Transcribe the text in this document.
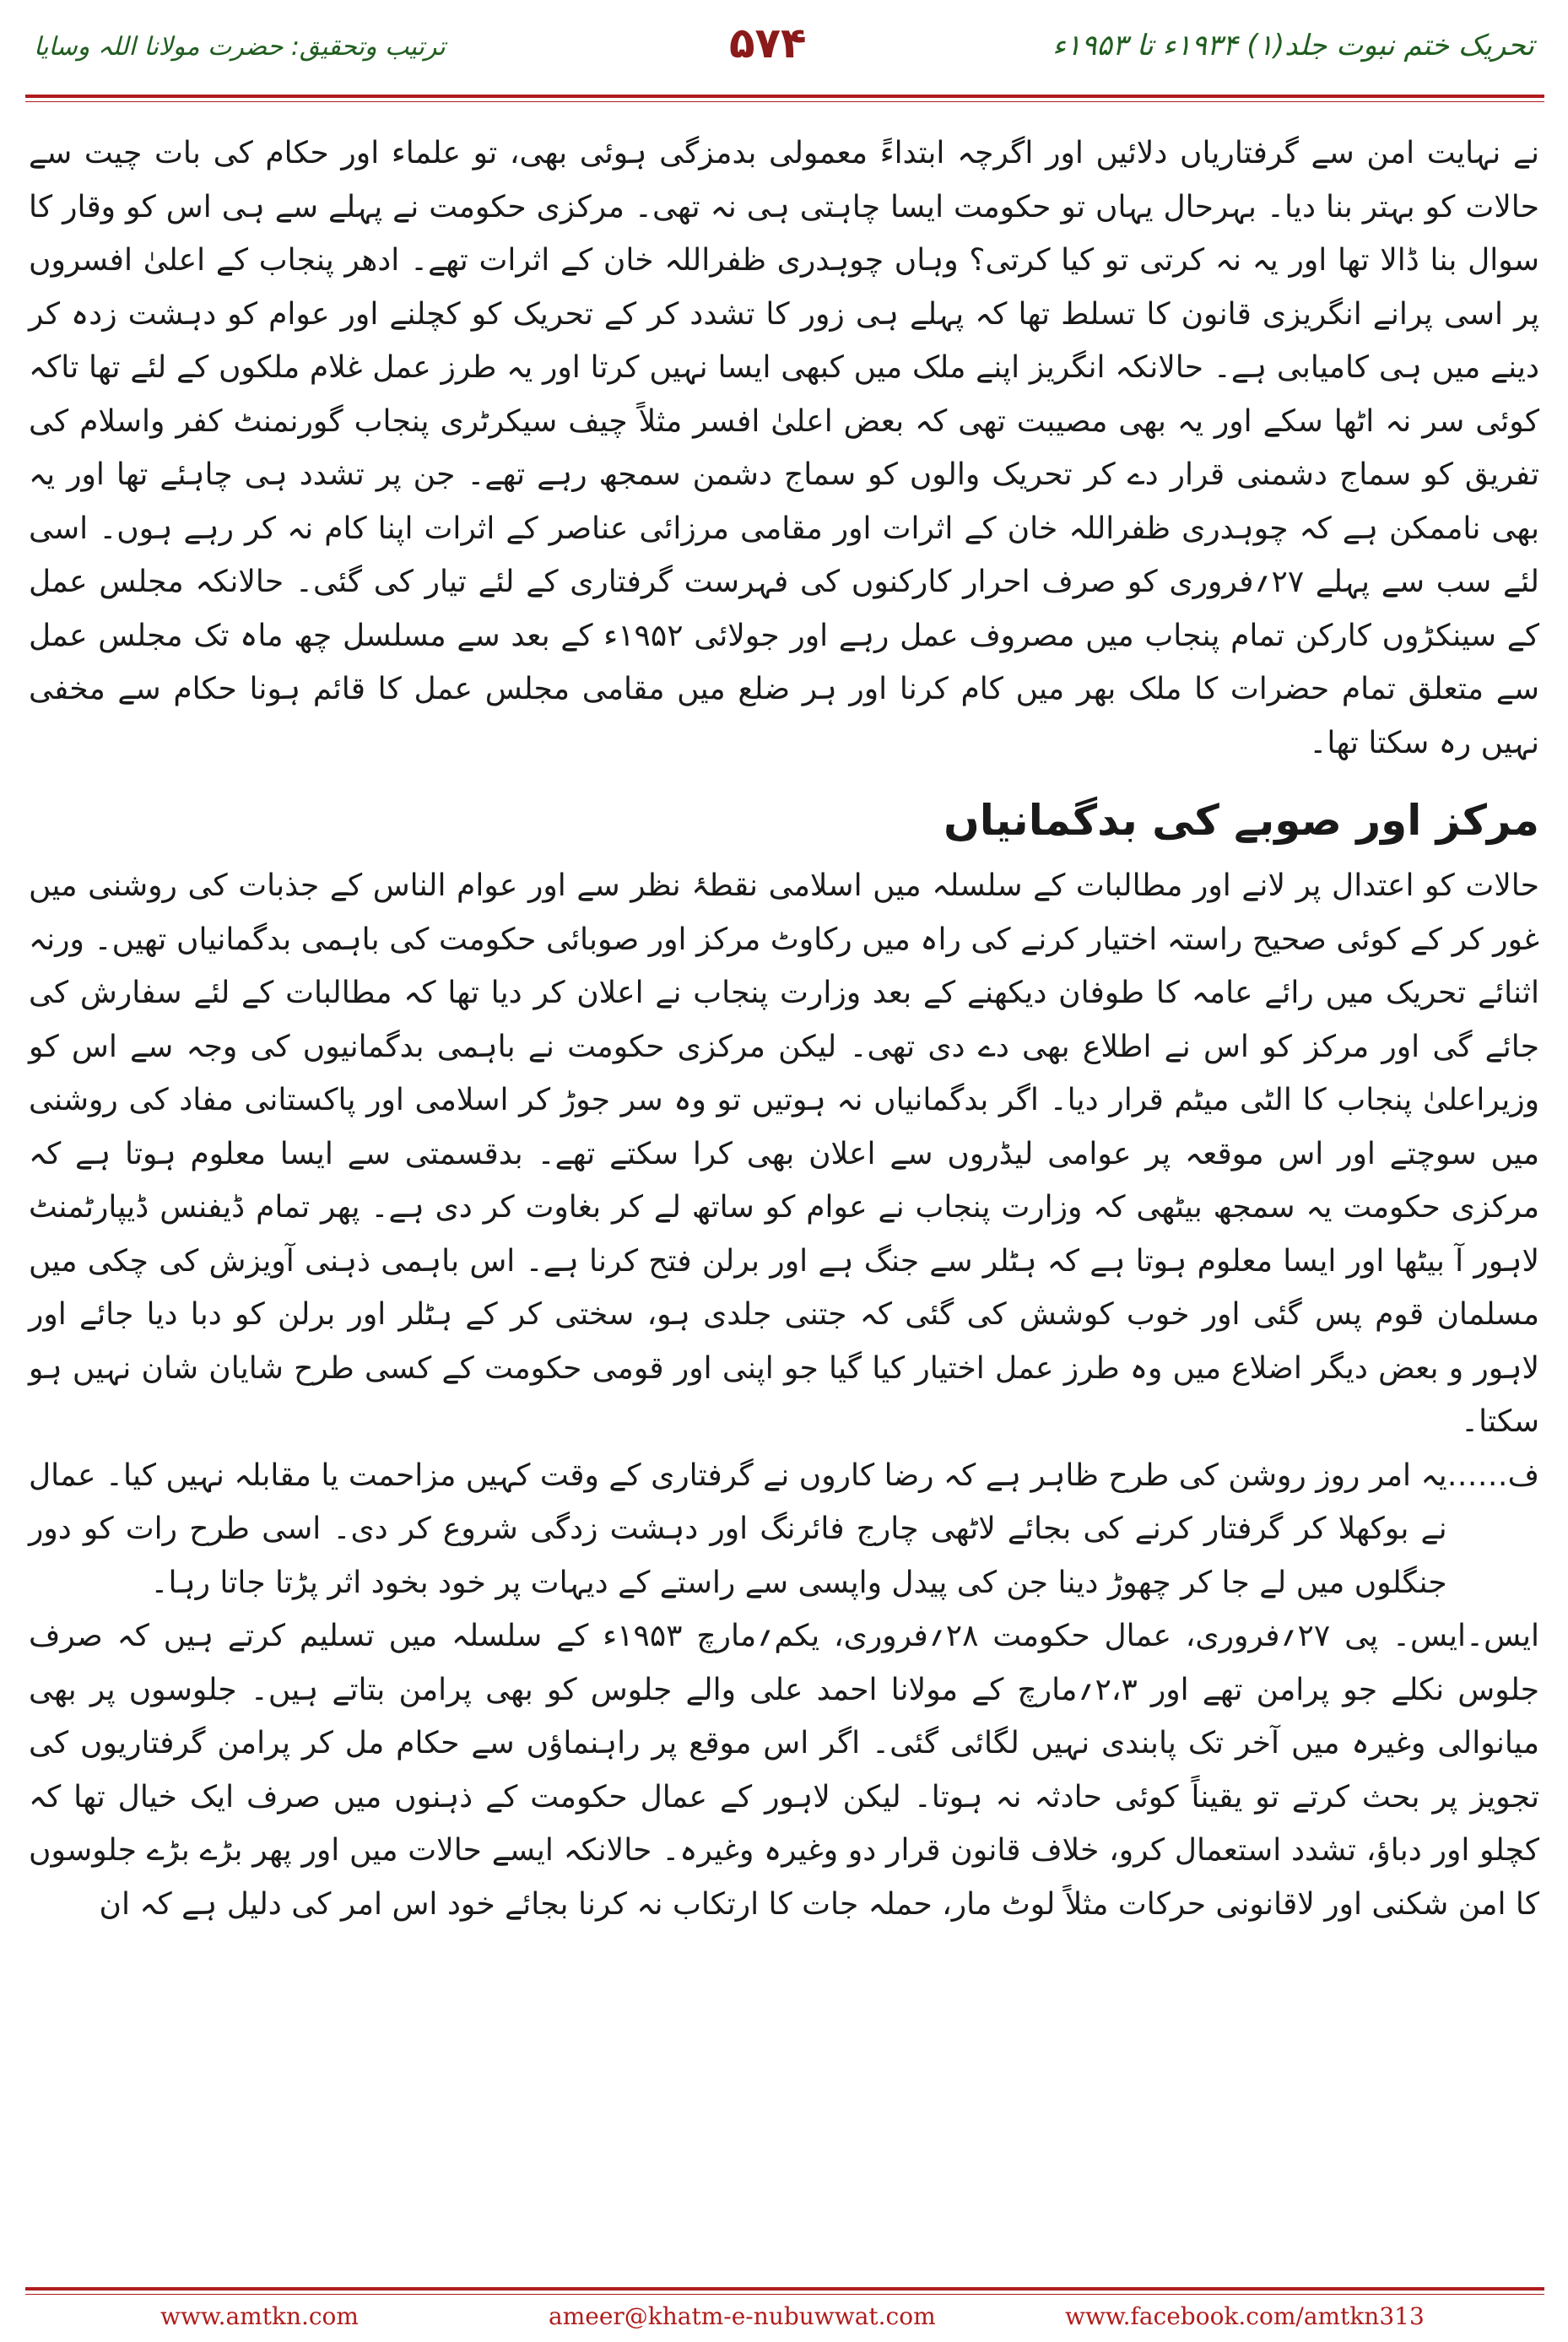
تحریک ختم نبوت جلد(۱) ۱۹۳۴ء تا ۱۹۵۳ء
۵۷۴
ترتیب وتحقیق: حضرت مولانا اللہ وسایا

نے نہایت امن سے گرفتاریاں دلائیں اور اگرچہ ابتداءً معمولی بدمزگی ہوئی بھی، تو علماء اور حکام کی بات چیت سے حالات کو بہتر بنا دیا۔ بہرحال یہاں تو حکومت ایسا چاہتی ہی نہ تھی۔ مرکزی حکومت نے پہلے سے ہی اس کو وقار کا سوال بنا ڈالا تھا اور یہ نہ کرتی تو کیا کرتی؟ وہاں چوہدری ظفراللہ خان کے اثرات تھے۔ ادھر پنجاب کے اعلیٰ افسروں پر اسی پرانے انگریزی قانون کا تسلط تھا کہ پہلے ہی زور کا تشدد کر کے تحریک کو کچلنے اور عوام کو دہشت زدہ کر دینے میں ہی کامیابی ہے۔ حالانکہ انگریز اپنے ملک میں کبھی ایسا نہیں کرتا اور یہ طرز عمل غلام ملکوں کے لئے تھا تاکہ کوئی سر نہ اٹھا سکے اور یہ بھی مصیبت تھی کہ بعض اعلیٰ افسر مثلاً چیف سیکرٹری پنجاب گورنمنٹ کفر واسلام کی تفریق کو سماج دشمنی قرار دے کر تحریک والوں کو سماج دشمن سمجھ رہے تھے۔ جن پر تشدد ہی چاہئے تھا اور یہ بھی ناممکن ہے کہ چوہدری ظفراللہ خان کے اثرات اور مقامی مرزائی عناصر کے اثرات اپنا کام نہ کر رہے ہوں۔ اسی لئے سب سے پہلے ۲۷؍فروری کو صرف احرار کارکنوں کی فہرست گرفتاری کے لئے تیار کی گئی۔ حالانکہ مجلس عمل کے سینکڑوں کارکن تمام پنجاب میں مصروف عمل رہے اور جولائی ۱۹۵۲ء کے بعد سے مسلسل چھ ماہ تک مجلس عمل سے متعلق تمام حضرات کا ملک بھر میں کام کرنا اور ہر ضلع میں مقامی مجلس عمل کا قائم ہونا حکام سے مخفی نہیں رہ سکتا تھا۔

مرکز اور صوبے کی بدگمانیاں

حالات کو اعتدال پر لانے اور مطالبات کے سلسلہ میں اسلامی نقطۂ نظر سے اور عوام الناس کے جذبات کی روشنی میں غور کر کے کوئی صحیح راستہ اختیار کرنے کی راہ میں رکاوٹ مرکز اور صوبائی حکومت کی باہمی بدگمانیاں تھیں۔ ورنہ اثنائے تحریک میں رائے عامہ کا طوفان دیکھنے کے بعد وزارت پنجاب نے اعلان کر دیا تھا کہ مطالبات کے لئے سفارش کی جائے گی اور مرکز کو اس نے اطلاع بھی دے دی تھی۔ لیکن مرکزی حکومت نے باہمی بدگمانیوں کی وجہ سے اس کو وزیراعلیٰ پنجاب کا الٹی میٹم قرار دیا۔ اگر بدگمانیاں نہ ہوتیں تو وہ سر جوڑ کر اسلامی اور پاکستانی مفاد کی روشنی میں سوچتے اور اس موقعہ پر عوامی لیڈروں سے اعلان بھی کرا سکتے تھے۔ بدقسمتی سے ایسا معلوم ہوتا ہے کہ مرکزی حکومت یہ سمجھ بیٹھی کہ وزارت پنجاب نے عوام کو ساتھ لے کر بغاوت کر دی ہے۔ پھر تمام ڈیفنس ڈیپارٹمنٹ لاہور آ بیٹھا اور ایسا معلوم ہوتا ہے کہ ہٹلر سے جنگ ہے اور برلن فتح کرنا ہے۔ اس باہمی ذہنی آویزش کی چکی میں مسلمان قوم پس گئی اور خوب کوشش کی گئی کہ جتنی جلدی ہو، سختی کر کے ہٹلر اور برلن کو دبا دیا جائے اور لاہور و بعض دیگر اضلاع میں وہ طرز عمل اختیار کیا گیا جو اپنی اور قومی حکومت کے کسی طرح شایان شان نہیں ہو سکتا۔

ف……
یہ امر روز روشن کی طرح ظاہر ہے کہ رضا کاروں نے گرفتاری کے وقت کہیں مزاحمت یا مقابلہ نہیں کیا۔ عمال نے بوکھلا کر گرفتار کرنے کی بجائے لاٹھی چارج فائرنگ اور دہشت زدگی شروع کر دی۔ اسی طرح رات کو دور جنگلوں میں لے جا کر چھوڑ دینا جن کی پیدل واپسی سے راستے کے دیہات پر خود بخود اثر پڑتا جاتا رہا۔

ایس۔ایس۔ پی ۲۷؍فروری، عمال حکومت ۲۸؍فروری، یکم؍مارچ ۱۹۵۳ء کے سلسلہ میں تسلیم کرتے ہیں کہ صرف جلوس نکلے جو پرامن تھے اور ۲،۳؍مارچ کے مولانا احمد علی والے جلوس کو بھی پرامن بتاتے ہیں۔ جلوسوں پر بھی میانوالی وغیرہ میں آخر تک پابندی نہیں لگائی گئی۔ اگر اس موقع پر راہنماؤں سے حکام مل کر پرامن گرفتاریوں کی تجویز پر بحث کرتے تو یقیناً کوئی حادثہ نہ ہوتا۔ لیکن لاہور کے عمال حکومت کے ذہنوں میں صرف ایک خیال تھا کہ کچلو اور دباؤ، تشدد استعمال کرو، خلاف قانون قرار دو وغیرہ وغیرہ۔ حالانکہ ایسے حالات میں اور پھر بڑے بڑے جلوسوں کا امن شکنی اور لاقانونی حرکات مثلاً لوٹ مار، حملہ جات کا ارتکاب نہ کرنا بجائے خود اس امر کی دلیل ہے کہ ان

www.amtkn.com	ameer@khatm-e-nubuwwat.com	www.facebook.com/amtkn313
